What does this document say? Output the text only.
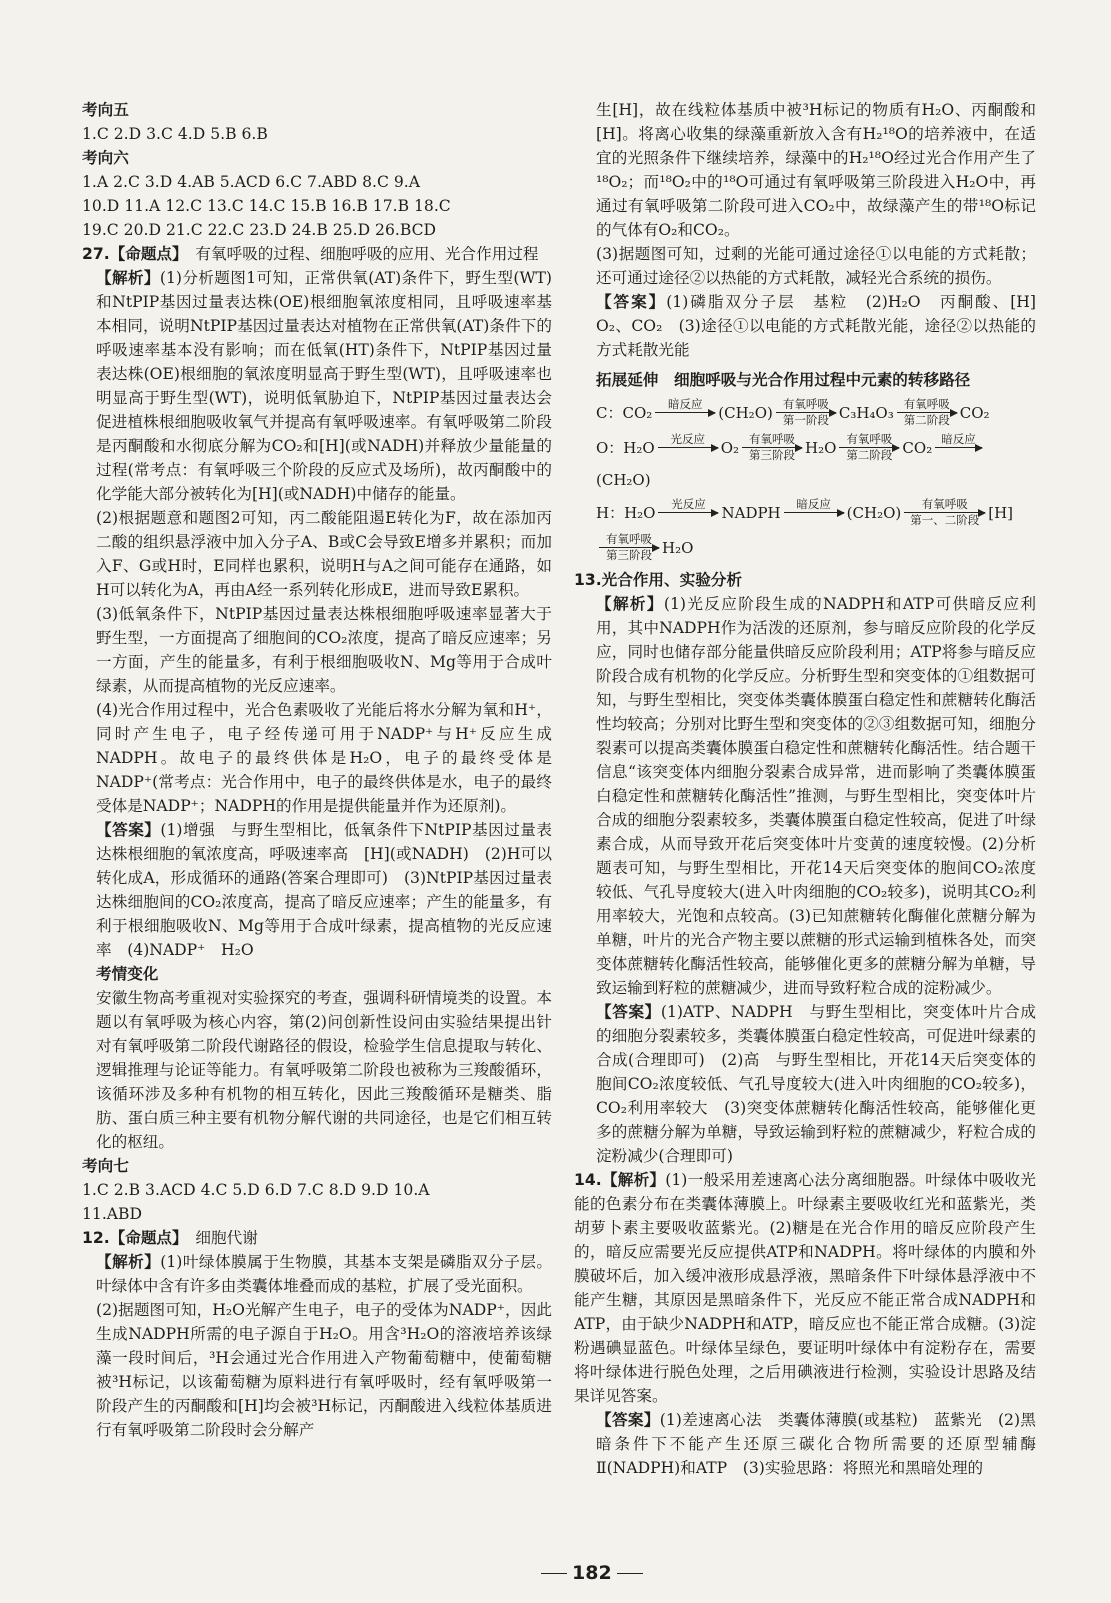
考向五

1.C 2.D 3.C 4.D 5.B 6.B

考向六

1.A 2.C 3.D 4.AB 5.ACD 6.C 7.ABD 8.C 9.A

10.D 11.A 12.C 13.C 14.C 15.B 16.B 17.B 18.C

19.C 20.D 21.C 22.C 23.D 24.B 25.D 26.BCD

27.【命题点】　 有氧呼吸的过程、细胞呼吸的应用、光合作用过程

【解析】(1)分析题图1可知，正常供氧(AT)条件下，野生型(WT)和NtPIP基因过量表达株(OE)根细胞氧浓度相同，且呼吸速率基本相同，说明NtPIP基因过量表达对植物在正常供氧(AT)条件下的呼吸速率基本没有影响；而在低氧(HT)条件下，NtPIP基因过量表达株(OE)根细胞的氧浓度明显高于野生型(WT)，且呼吸速率也明显高于野生型(WT)，说明低氧胁迫下，NtPIP基因过量表达会促进植株根细胞吸收氧气并提高有氧呼吸速率。有氧呼吸第二阶段是丙酮酸和水彻底分解为CO₂和[H](或NADH)并释放少量能量的过程(常考点：有氧呼吸三个阶段的反应式及场所)，故丙酮酸中的化学能大部分被转化为[H](或NADH)中储存的能量。

(2)根据题意和题图2可知，丙二酸能阻遏E转化为F，故在添加丙二酸的组织悬浮液中加入分子A、B或C会导致E增多并累积；而加入F、G或H时，E同样也累积，说明H与A之间可能存在通路，如H可以转化为A，再由A经一系列转化形成E，进而导致E累积。

(3)低氧条件下，NtPIP基因过量表达株根细胞呼吸速率显著大于野生型，一方面提高了细胞间的CO₂浓度，提高了暗反应速率；另一方面，产生的能量多，有利于根细胞吸收N、Mg等用于合成叶绿素，从而提高植物的光反应速率。

(4)光合作用过程中，光合色素吸收了光能后将水分解为氧和H⁺，同时产生电子，电子经传递可用于NADP⁺与H⁺反应生成NADPH。故电子的最终供体是H₂O，电子的最终受体是NADP⁺(常考点：光合作用中，电子的最终供体是水，电子的最终受体是NADP⁺；NADPH的作用是提供能量并作为还原剂)。

【答案】(1)增强　与野生型相比，低氧条件下NtPIP基因过量表达株根细胞的氧浓度高，呼吸速率高　[H](或NADH)　(2)H可以转化成A，形成循环的通路(答案合理即可)　(3)NtPIP基因过量表达株细胞间的CO₂浓度高，提高了暗反应速率；产生的能量多，有利于根细胞吸收N、Mg等用于合成叶绿素，提高植物的光反应速率　(4)NADP⁺　H₂O

考情变化

安徽生物高考重视对实验探究的考查，强调科研情境类的设置。本题以有氧呼吸为核心内容，第(2)问创新性设问由实验结果提出针对有氧呼吸第二阶段代谢路径的假设，检验学生信息提取与转化、逻辑推理与论证等能力。有氧呼吸第二阶段也被称为三羧酸循环，该循环涉及多种有机物的相互转化，因此三羧酸循环是糖类、脂肪、蛋白质三种主要有机物分解代谢的共同途径，也是它们相互转化的枢纽。

考向七

1.C 2.B 3.ACD 4.C 5.D 6.D 7.C 8.D 9.D 10.A

11.ABD

12.【命题点】　 细胞代谢

【解析】(1)叶绿体膜属于生物膜，其基本支架是磷脂双分子层。叶绿体中含有许多由类囊体堆叠而成的基粒，扩展了受光面积。

(2)据题图可知，H₂O光解产生电子，电子的受体为NADP⁺，因此生成NADPH所需的电子源自于H₂O。用含³H₂O的溶液培养该绿藻一段时间后，³H会通过光合作用进入产物葡萄糖中，使葡萄糖被³H标记，以该葡萄糖为原料进行有氧呼吸时，经有氧呼吸第一阶段产生的丙酮酸和[H]均会被³H标记，丙酮酸进入线粒体基质进行有氧呼吸第二阶段时会分解产

生[H]，故在线粒体基质中被³H标记的物质有H₂O、丙酮酸和[H]。将离心收集的绿藻重新放入含有H₂¹⁸O的培养液中，在适宜的光照条件下继续培养，绿藻中的H₂¹⁸O经过光合作用产生了¹⁸O₂；而¹⁸O₂中的¹⁸O可通过有氧呼吸第三阶段进入H₂O中，再通过有氧呼吸第二阶段可进入CO₂中，故绿藻产生的带¹⁸O标记的气体有O₂和CO₂。

(3)据题图可知，过剩的光能可通过途径①以电能的方式耗散；还可通过途径②以热能的方式耗散，减轻光合系统的损伤。

【答案】(1)磷脂双分子层　基粒　(2)H₂O　丙酮酸、[H]　O₂、CO₂　(3)途径①以电能的方式耗散光能，途径②以热能的方式耗散光能

拓展延伸　细胞呼吸与光合作用过程中元素的转移路径

C：CO₂	暗反应
	(CH₂O) 有氧呼吸
第一阶段 C₃H₄O₃ 有氧呼吸
第二阶段 CO₂
O：H₂O	光反应
	O₂ 有氧呼吸
第三阶段 H₂O 有氧呼吸
第二阶段 CO₂ 暗反应

(CH₂O)
H：H₂O	光反应
	NADPH	暗反应
	(CH₂O)	有氧呼吸
第一、二阶段 [H]
有氧呼吸
第三阶段 H₂O

13.光合作用、实验分析

【解析】(1)光反应阶段生成的NADPH和ATP可供暗反应利用，其中NADPH作为活泼的还原剂，参与暗反应阶段的化学反应，同时也储存部分能量供暗反应阶段利用；ATP将参与暗反应阶段合成有机物的化学反应。分析野生型和突变体的①组数据可知，与野生型相比，突变体类囊体膜蛋白稳定性和蔗糖转化酶活性均较高；分别对比野生型和突变体的②③组数据可知，细胞分裂素可以提高类囊体膜蛋白稳定性和蔗糖转化酶活性。结合题干信息“该突变体内细胞分裂素合成异常，进而影响了类囊体膜蛋白稳定性和蔗糖转化酶活性”推测，与野生型相比，突变体叶片合成的细胞分裂素较多，类囊体膜蛋白稳定性较高，促进了叶绿素合成，从而导致开花后突变体叶片变黄的速度较慢。(2)分析题表可知，与野生型相比，开花14天后突变体的胞间CO₂浓度较低、气孔导度较大(进入叶肉细胞的CO₂较多)，说明其CO₂利用率较大，光饱和点较高。(3)已知蔗糖转化酶催化蔗糖分解为单糖，叶片的光合产物主要以蔗糖的形式运输到植株各处，而突变体蔗糖转化酶活性较高，能够催化更多的蔗糖分解为单糖，导致运输到籽粒的蔗糖减少，进而导致籽粒合成的淀粉减少。

【答案】(1)ATP、NADPH　与野生型相比，突变体叶片合成的细胞分裂素较多，类囊体膜蛋白稳定性较高，可促进叶绿素的合成(合理即可)　(2)高　与野生型相比，开花14天后突变体的胞间CO₂浓度较低、气孔导度较大(进入叶肉细胞的CO₂较多)，CO₂利用率较大　(3)突变体蔗糖转化酶活性较高，能够催化更多的蔗糖分解为单糖，导致运输到籽粒的蔗糖减少，籽粒合成的淀粉减少(合理即可)

14.【解析】(1)一般采用差速离心法分离细胞器。叶绿体中吸收光能的色素分布在类囊体薄膜上。叶绿素主要吸收红光和蓝紫光，类胡萝卜素主要吸收蓝紫光。(2)糖是在光合作用的暗反应阶段产生的，暗反应需要光反应提供ATP和NADPH。将叶绿体的内膜和外膜破坏后，加入缓冲液形成悬浮液，黑暗条件下叶绿体悬浮液中不能产生糖，其原因是黑暗条件下，光反应不能正常合成NADPH和ATP，由于缺少NADPH和ATP，暗反应也不能正常合成糖。(3)淀粉遇碘显蓝色。叶绿体呈绿色，要证明叶绿体中有淀粉存在，需要将叶绿体进行脱色处理，之后用碘液进行检测，实验设计思路及结果详见答案。

【答案】(1)差速离心法　类囊体薄膜(或基粒)　蓝紫光　(2)黑暗条件下不能产生还原三碳化合物所需要的还原型辅酶Ⅱ(NADPH)和ATP　(3)实验思路：将照光和黑暗处理的

182
